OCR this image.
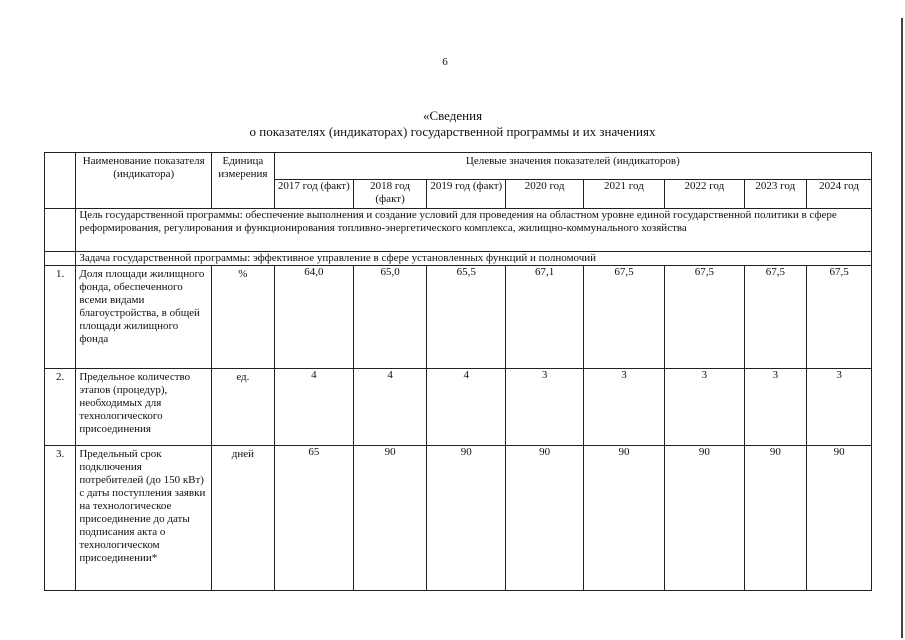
6
«Сведения
о показателях (индикаторах) государственной программы и их значениях
	Наименование показателя (индикатора)	Единица измерения	Целевые значения показателей (индикаторов)							
			2017 год (факт)	2018 год (факт)	2019 год (факт)	2020 год	2021 год	2022 год	2023 год	2024 год
	Цель государственной программы: обеспечение выполнения и создание условий для проведения на областном уровне единой государственной политики в сфере реформирования, регулирования и функционирования топливно-энергетического комплекса, жилищно-коммунального хозяйства									
	Задача государственной программы: эффективное управление в сфере установленных функций и полномочий									
1.	Доля площади жилищного фонда, обеспеченного всеми видами благоустройства, в общей площади жилищного фонда	%	64,0	65,0	65,5	67,1	67,5	67,5	67,5	67,5
2.	Предельное количество этапов (процедур), необходимых для технологического присоединения	ед.	4	4	4	3	3	3	3	3
3.	Предельный срок подключения потребителей (до 150 кВт) с даты поступления заявки на технологическое присоединение до даты подписания акта о технологическом присоединении*	дней	65	90	90	90	90	90	90	90
